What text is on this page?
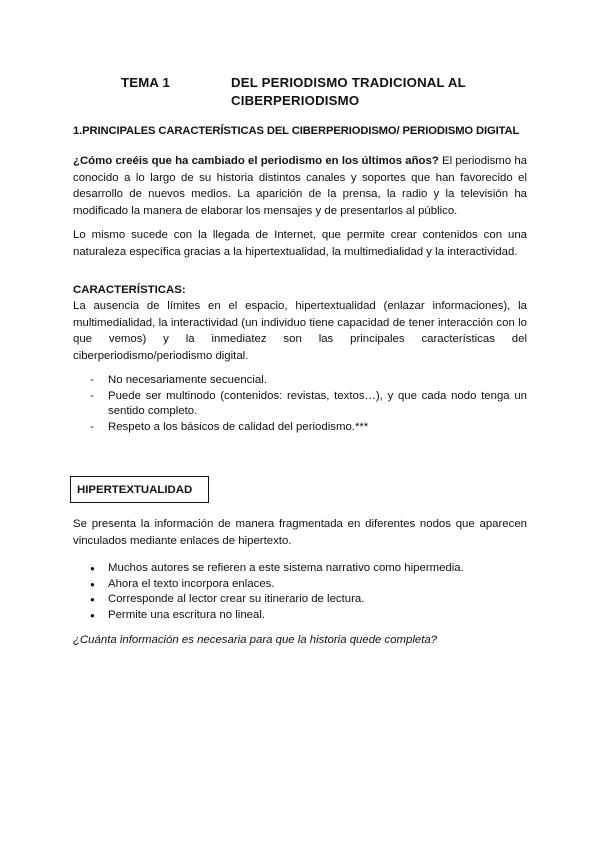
TEMA 1	DEL PERIODISMO TRADICIONAL AL
CIBERPERIODISMO
1.PRINCIPALES CARACTERÍSTICAS DEL CIBERPERIODISMO/ PERIODISMO DIGITAL
¿Cómo creéis que ha cambiado el periodismo en los últimos años? El periodismo ha conocido a lo largo de su historia distintos canales y soportes que han favorecido el desarrollo de nuevos medios. La aparición de la prensa, la radio y la televisión ha modificado la manera de elaborar los mensajes y de presentarlos al público.
Lo mismo sucede con la llegada de Internet, que permite crear contenidos con una naturaleza específica gracias a la hipertextualidad, la multimedialidad y la interactividad.
CARACTERÍSTICAS:
La ausencia de límites en el espacio, hipertextualidad (enlazar informaciones), la multimedialidad, la interactividad (un individuo tiene capacidad de tener interacción con lo que vemos) y la inmediatez son las principales características del ciberperiodismo/periodismo digital.
- No necesariamente secuencial.
- Puede ser multinodo (contenidos: revistas, textos…), y que cada nodo tenga un sentido completo.
- Respeto a los básicos de calidad del periodismo.***
HIPERTEXTUALIDAD
Se presenta la información de manera fragmentada en diferentes nodos que aparecen vinculados mediante enlaces de hipertexto.
● Muchos autores se refieren a este sistema narrativo como hipermedia.
● Ahora el texto incorpora enlaces.
● Corresponde al lector crear su itinerario de lectura.
● Permite una escritura no lineal.
¿Cuánta información es necesaria para que la historia quede completa?
